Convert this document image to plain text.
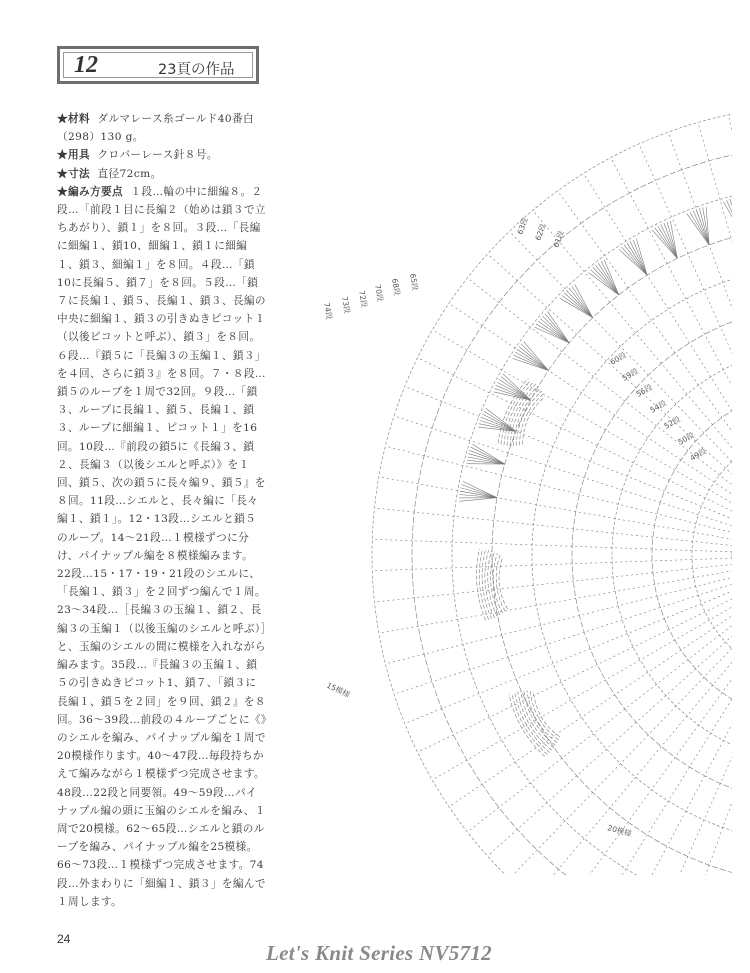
12	23頁の作品

★材料 ダルマレース糸ゴールド40番白（298）130 g。

★用具 クロバーレース針８号。

★寸法 直径72cm。

★編み方要点 １段…輪の中に細編８。２段…「前段１目に長編２（始めは鎖３で立ちあがり）、鎖１」を８回。３段…「長編に細編１、鎖10、細編１、鎖１に細編１、鎖３、細編１」を８回。４段…「鎖10に長編５、鎖７」を８回。５段…「鎖７に長編１、鎖５、長編１、鎖３、長編の中央に細編１、鎖３の引きぬきピコット１（以後ピコットと呼ぶ）、鎖３」を８回。６段…『鎖５に「長編３の玉編１、鎖３」を４回、さらに鎖３』を８回。７・８段…鎖５のループを１周で32回。９段…「鎖３、ループに長編１、鎖５、長編１、鎖３、ループに細編１、ピコット１」を16回。10段…『前段の鎖5に《長編３、鎖２、長編３（以後シエルと呼ぶ）》を１回、鎖５、次の鎖５に長々編９、鎖５』を８回。11段…シエルと、長々編に「長々編１、鎖１」。12・13段…シエルと鎖５のループ。14～21段…１模様ずつに分け、パイナップル編を８模様編みます。22段…15・17・19・21段のシエルに、「長編１、鎖３」を２回ずつ編んで１周。23～34段…［長編３の玉編１、鎖２、長編３の玉編１（以後玉編のシエルと呼ぶ）］と、玉編のシエルの間に模様を入れながら編みます。35段…『長編３の玉編１、鎖５の引きぬきピコット1、鎖７、「鎖３に長編１、鎖５を２回」を９回、鎖２』を８回。36～39段…前段の４ループごとに《》のシエルを編み、パイナップル編を１周で20模様作ります。40～47段…毎段持ちかえて編みながら１模様ずつ完成させます。48段…22段と同要領。49～59段…パイナップル編の頭に玉編のシエルを編み、１周で20模様。62～65段…シエルと鎖のループを編み、パイナップル編を25模様。66～73段…１模様ずつ完成させます。74段…外まわりに「細編１、鎖３」を編んで１周します。

15模様
20模様
74段 73段 72段 70段 68段 65段
63段 62段 61段
60段
59段
56段
54段
52段
50段
49段
24
Let's Knit Series NV5712
